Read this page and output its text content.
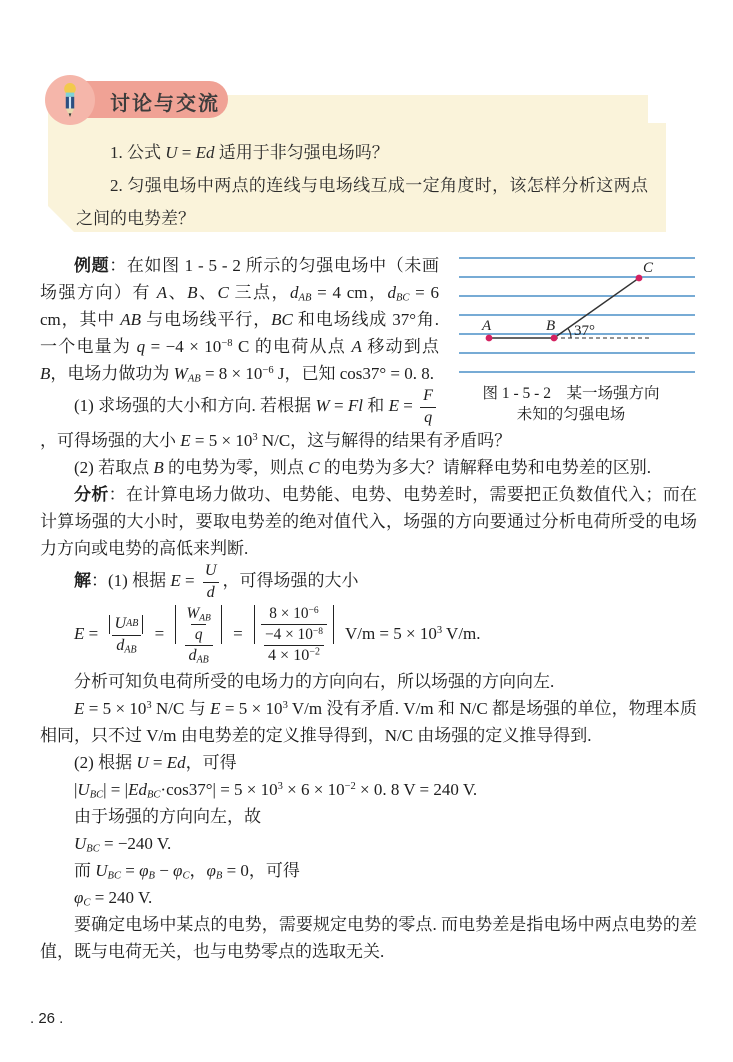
讨论与交流

1. 公式 U = Ed 适用于非匀强电场吗？

2. 匀强电场中两点的连线与电场线互成一定角度时，该怎样分析这两点之间的电势差？

A	B
C
37°
图 1 - 5 - 2　某一场强方向
未知的匀强电场

例题：在如图 1 - 5 - 2 所示的匀强电场中（未画场强方向）有 A、B、C 三点，$d_{AB} = 4$ cm，$d_{BC} = 6$ cm，其中 AB 与电场线平行，BC 和电场线成 37°角. 一个电量为 $q = -4 \times 10^{-8}$ C 的电荷从点 A 移动到点 B，电场力做功为 $W_{AB} = 8 \times 10^{-6}$ J，已知 cos37° = 0. 8.

(1) 求场强的大小和方向. 若根据 W = Fl 和 $E = \frac{F}{q}$
，可得场强的大小 $E = 5 \times 10^3$ N/C，这与解得的结果有矛盾吗？

(2) 若取点 B 的电势为零，则点 C 的电势为多大？请解释电势和电势差的区别.

分析：在计算电场力做功、电势能、电势、电势差时，需要把正负数值代入；而在计算场强的大小时，要取电势差的绝对值代入，场强的方向要通过分析电荷所受的电场力方向或电势的高低来判断.

解：(1) 根据 $E = \frac{U}{d}$ ，可得场强的大小

$E = \frac{\text{U AB}}{d_{AB}} = \frac{\frac{W_{AB}}{q}}{d_{AB}} = \frac{\frac{8 \times 10^{-6}}{-4 \times 10^{-8}}}{4 \times 10^{-2}} V/m = 5 \times 10^3$ V/m.

分析可知负电荷所受的电场力的方向向右，所以场强的方向向左.

$E = 5 \times 10^3$ N/C 与 $E = 5 \times 10^3$ V/m 没有矛盾. V/m 和 N/C 都是场强的单位，物理本质相同，只不过 V/m 由电势差的定义推导得到，N/C 由场强的定义推导得到.

(2) 根据 U = Ed，可得

$|U_{BC}| = |Ed_{BC}\cdot\cos 37^\circ| = 5 \times 10^3 \times 6 \times 10^{-2} \times 0$. 8 V = 240 V.

由于场强的方向向左，故

$U_{BC} = -240$ V.

而 $U_{BC} = \varphi_B - \varphi_C$，$\varphi_B = 0$，可得

$\varphi_C = 240$ V.

要确定电场中某点的电势，需要规定电势的零点. 而电势差是指电场中两点电势的差值，既与电荷无关，也与电势零点的选取无关.

. 26 .
